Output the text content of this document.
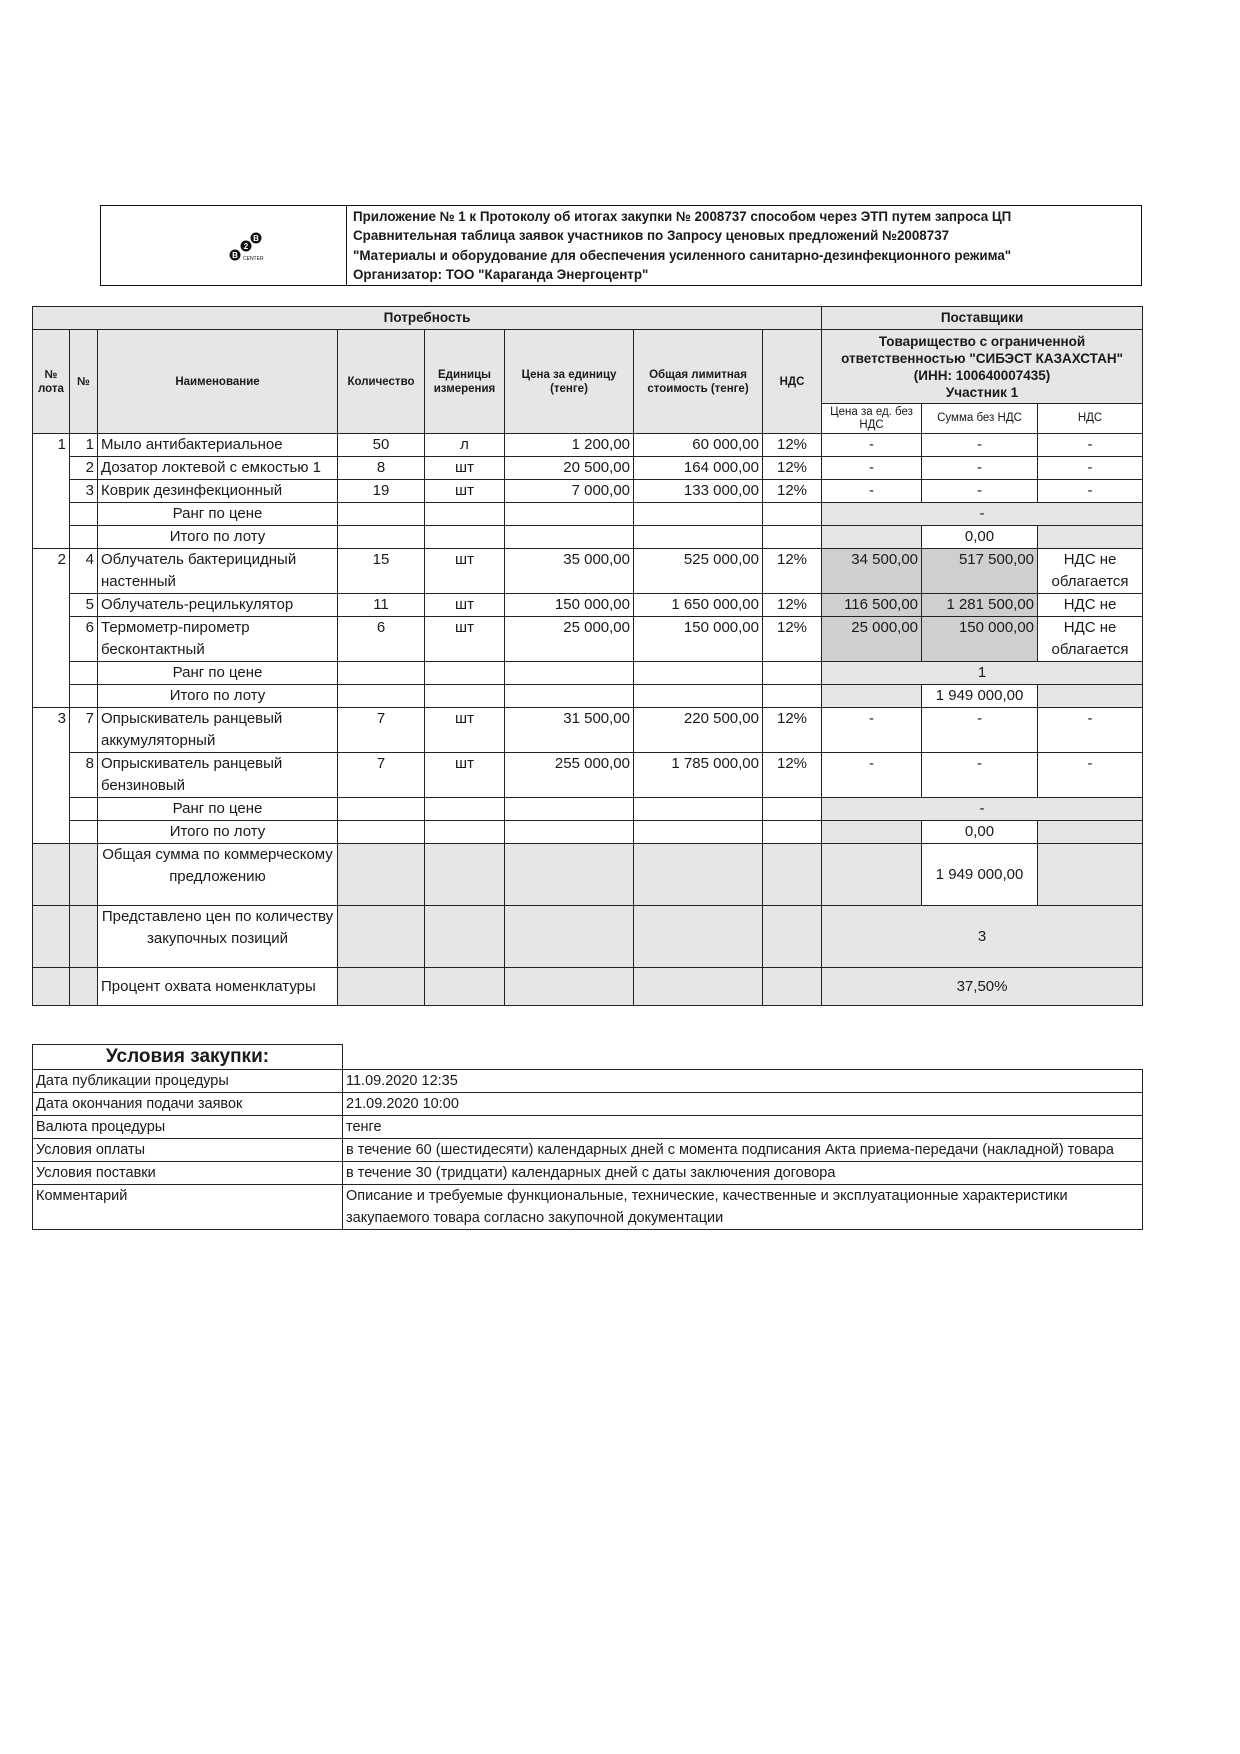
B
2
B
CENTER
Приложение № 1 к Протоколу об итогах закупки № 2008737 способом через ЭТП путем запроса ЦП
Сравнительная таблица заявок участников по Запросу ценовых предложений №2008737
"Материалы и оборудование для обеспечения усиленного санитарно-дезинфекционного режима"
Организатор: ТОО "Караганда Энергоцентр"
Потребность								Поставщики		
№ лота	№	Наименование	Количество	Единицы измерения	Цена за единицу (тенге)	Общая лимитная стоимость (тенге)	НДС	Товарищество с ограниченной ответственностью "СИБЭСТ КАЗАХСТАН" (ИНН: 100640007435)
Участник 1		

								Цена за ед. без НДС	Сумма без НДС	НДС
1	1	Мыло антибактериальное	50	л	1 200,00	60 000,00	12%	-	-	-
	2	Дозатор локтевой с емкостью 1	8	шт	20 500,00	164 000,00	12%	-	-	-
	3	Коврик дезинфекционный	19	шт	7 000,00	133 000,00	12%	-	-	-
		Ранг по цене						-		
		Итого по лоту							0,00	
2	4	Облучатель бактерицидный настенный	15	шт	35 000,00	525 000,00	12%	34 500,00	517 500,00	НДС не облагается
	5	Облучатель-рецилькулятор	11	шт	150 000,00	1 650 000,00	12%	116 500,00	1 281 500,00	НДС не
	6	Термометр-пирометр бесконтактный	6	шт	25 000,00	150 000,00	12%	25 000,00	150 000,00	НДС не облагается
		Ранг по цене						1		
		Итого по лоту							1 949 000,00	
3	7	Опрыскиватель ранцевый аккумуляторный	7	шт	31 500,00	220 500,00	12%	-	-	-
	8	Опрыскиватель ранцевый бензиновый	7	шт	255 000,00	1 785 000,00	12%	-	-	-
		Ранг по цене						-		
		Итого по лоту							0,00	
		Общая сумма по коммерческому предложению							1 949 000,00	
		Представлено цен по количеству закупочных позиций						3		
		Процент охвата номенклатуры						37,50%		
Условия закупки:	
Дата публикации процедуры	11.09.2020 12:35
Дата окончания подачи заявок	21.09.2020 10:00
Валюта процедуры	тенге
Условия оплаты	в течение 60 (шестидесяти) календарных дней с момента подписания Акта приема-передачи (накладной) товара
Условия поставки	в течение 30 (тридцати) календарных дней с даты заключения договора
Комментарий	Описание и требуемые функциональные, технические, качественные и эксплуатационные характеристики закупаемого товара согласно закупочной документации
